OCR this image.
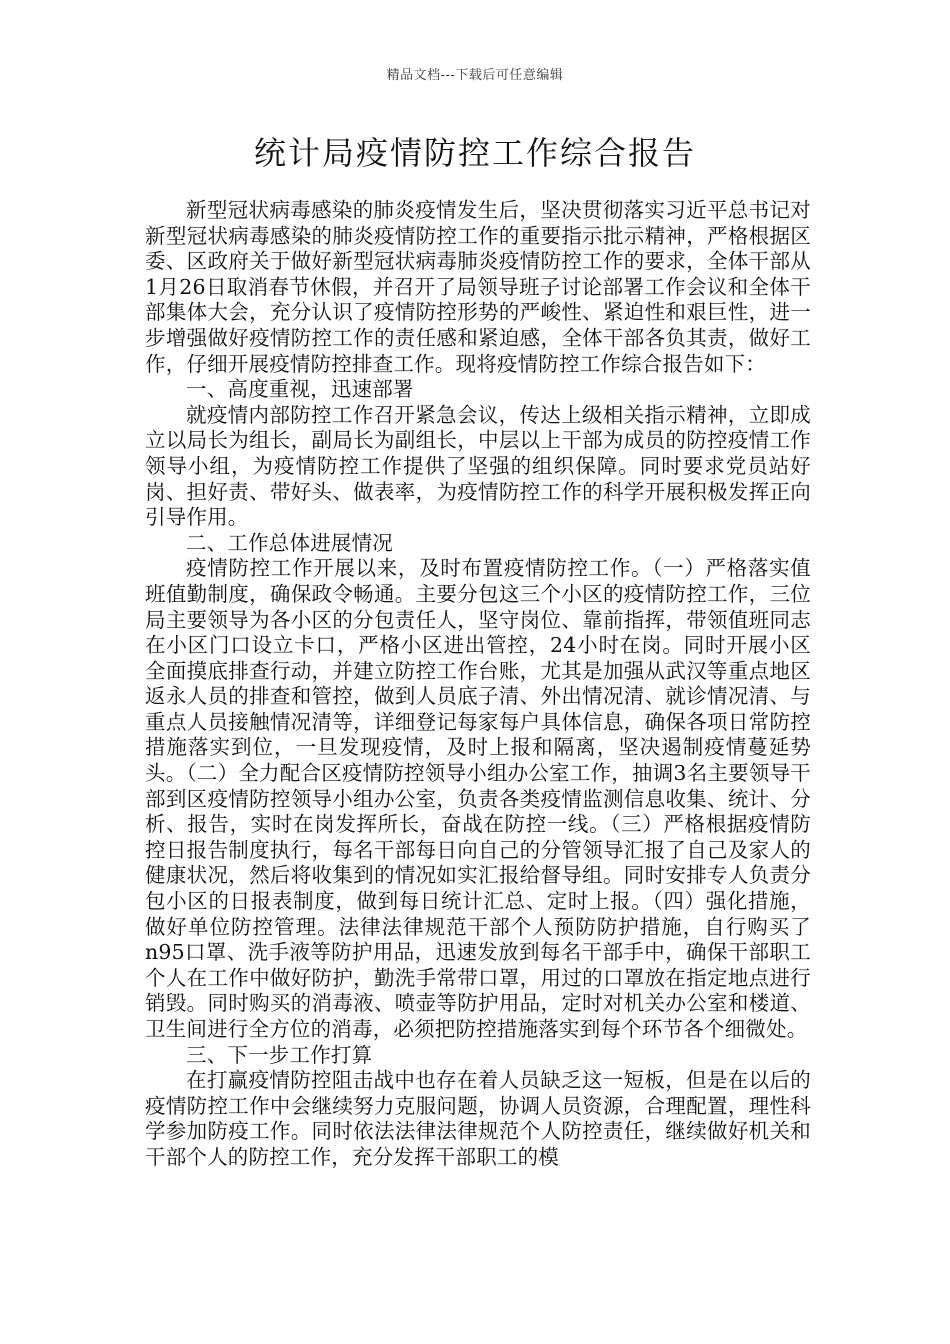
精品文档---下载后可任意编辑
统计局疫情防控工作综合报告

新型冠状病毒感染的肺炎疫情发生后，坚决贯彻落实习近平总书记对新型冠状病毒感染的肺炎疫情防控工作的重要指示批示精神，严格根据区委、区政府关于做好新型冠状病毒肺炎疫情防控工作的要求，全体干部从1月26日取消春节休假，并召开了局领导班子讨论部署工作会议和全体干部集体大会，充分认识了疫情防控形势的严峻性、紧迫性和艰巨性，进一步增强做好疫情防控工作的责任感和紧迫感，全体干部各负其责，做好工作，仔细开展疫情防控排查工作。现将疫情防控工作综合报告如下：

一、高度重视，迅速部署

就疫情内部防控工作召开紧急会议，传达上级相关指示精神，立即成立以局长为组长，副局长为副组长，中层以上干部为成员的防控疫情工作领导小组，为疫情防控工作提供了坚强的组织保障。同时要求党员站好岗、担好责、带好头、做表率，为疫情防控工作的科学开展积极发挥正向引导作用。

二、工作总体进展情况

疫情防控工作开展以来，及时布置疫情防控工作。（一）严格落实值班值勤制度，确保政令畅通。主要分包这三个小区的疫情防控工作，三位局主要领导为各小区的分包责任人，坚守岗位、靠前指挥，带领值班同志在小区门口设立卡口，严格小区进出管控，24小时在岗。同时开展小区全面摸底排查行动，并建立防控工作台账，尤其是加强从武汉等重点地区返永人员的排查和管控，做到人员底子清、外出情况清、就诊情况清、与重点人员接触情况清等，详细登记每家每户具体信息，确保各项日常防控措施落实到位，一旦发现疫情，及时上报和隔离，坚决遏制疫情蔓延势头。（二）全力配合区疫情防控领导小组办公室工作，抽调3名主要领导干部到区疫情防控领导小组办公室，负责各类疫情监测信息收集、统计、分析、报告，实时在岗发挥所长，奋战在防控一线。（三）严格根据疫情防控日报告制度执行，每名干部每日向自己的分管领导汇报了自己及家人的健康状况，然后将收集到的情况如实汇报给督导组。同时安排专人负责分包小区的日报表制度，做到每日统计汇总、定时上报。（四）强化措施，做好单位防控管理。法律法律规范干部个人预防防护措施，自行购买了n95口罩、洗手液等防护用品，迅速发放到每名干部手中，确保干部职工个人在工作中做好防护，勤洗手常带口罩，用过的口罩放在指定地点进行销毁。同时购买的消毒液、喷壶等防护用品，定时对机关办公室和楼道、卫生间进行全方位的消毒，必须把防控措施落实到每个环节各个细微处。

三、下一步工作打算

在打赢疫情防控阻击战中也存在着人员缺乏这一短板，但是在以后的疫情防控工作中会继续努力克服问题，协调人员资源，合理配置，理性科学参加防疫工作。同时依法法律法律规范个人防控责任，继续做好机关和干部个人的防控工作，充分发挥干部职工的模
